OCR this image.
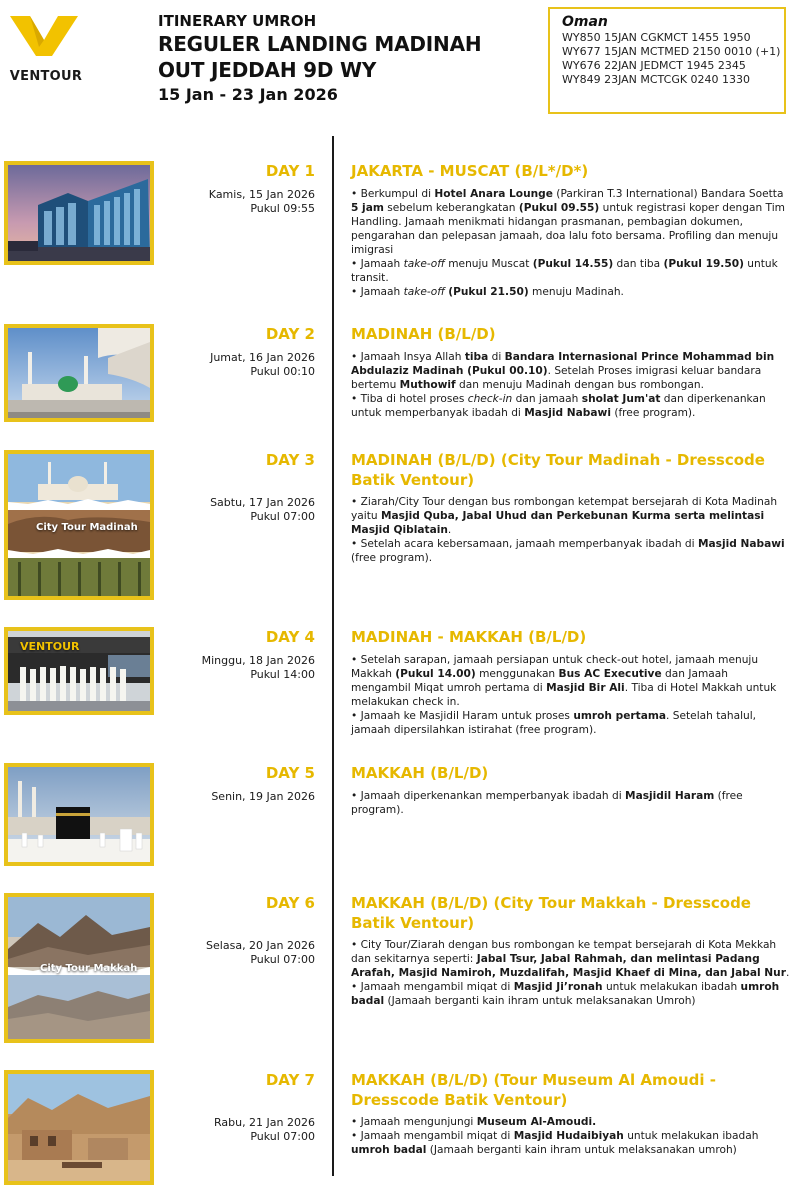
VENTOUR
ITINERARY UMROH
REGULER LANDING MADINAH
OUT JEDDAH 9D WY
15 Jan - 23 Jan 2026
Oman
WY850 15JAN CGKMCT 1455 1950
WY677 15JAN MCTMED 2150 0010 (+1)
WY676 22JAN JEDMCT 1945 2345
WY849 23JAN MCTCGK 0240 1330
DAY 1
Kamis, 15 Jan 2026
Pukul 09:55
JAKARTA - MUSCAT (B/L*/D*)

• Berkumpul di Hotel Anara Lounge (Parkiran T.3 International) Bandara Soetta 5 jam sebelum keberangkatan (Pukul 09.55) untuk registrasi koper dengan Tim Handling. Jamaah menikmati hidangan prasmanan, pembagian dokumen, pengarahan dan pelepasan jamaah, doa lalu foto bersama. Profiling dan menuju imigrasi

• Jamaah take-off menuju Muscat (Pukul 14.55) dan tiba (Pukul 19.50) untuk transit.

• Jamaah take-off (Pukul 21.50) menuju Madinah.

DAY 2
Jumat, 16 Jan 2026
Pukul 00:10
MADINAH (B/L/D)

• Jamaah Insya Allah tiba di Bandara Internasional Prince Mohammad bin Abdulaziz Madinah (Pukul 00.10). Setelah Proses imigrasi keluar bandara bertemu Muthowif dan menuju Madinah dengan bus rombongan.

• Tiba di hotel proses check-in dan jamaah sholat Jum'at dan diperkenankan untuk memperbanyak ibadah di Masjid Nabawi (free program).

City Tour Madinah
DAY 3
Sabtu, 17 Jan 2026
Pukul 07:00
MADINAH (B/L/D) (City Tour Madinah - Dresscode Batik Ventour)

• Ziarah/City Tour dengan bus rombongan ketempat bersejarah di Kota Madinah yaitu Masjid Quba, Jabal Uhud dan Perkebunan Kurma serta melintasi Masjid Qiblatain.

• Setelah acara kebersamaan, jamaah memperbanyak ibadah di Masjid Nabawi (free program).

VENTOUR
DAY 4
Minggu, 18 Jan 2026
Pukul 14:00
MADINAH - MAKKAH (B/L/D)

• Setelah sarapan, jamaah persiapan untuk check-out hotel, jamaah menuju Makkah (Pukul 14.00) menggunakan Bus AC Executive dan Jamaah mengambil Miqat umroh pertama di Masjid Bir Ali. Tiba di Hotel Makkah untuk melakukan check in.

• Jamaah ke Masjidil Haram untuk proses umroh pertama. Setelah tahalul, jamaah dipersilahkan istirahat (free program).

DAY 5
Senin, 19 Jan 2026
MAKKAH (B/L/D)

• Jamaah diperkenankan memperbanyak ibadah di Masjidil Haram (free program).

City Tour Makkah
DAY 6
Selasa, 20 Jan 2026
Pukul 07:00
MAKKAH (B/L/D) (City Tour Makkah - Dresscode Batik Ventour)

• City Tour/Ziarah dengan bus rombongan ke tempat bersejarah di Kota Mekkah dan sekitarnya seperti: Jabal Tsur, Jabal Rahmah, dan melintasi Padang Arafah, Masjid Namiroh, Muzdalifah, Masjid Khaef di Mina, dan Jabal Nur.

• Jamaah mengambil miqat di Masjid Ji’ronah untuk melakukan ibadah umroh badal (Jamaah berganti kain ihram untuk melaksanakan Umroh)

DAY 7
Rabu, 21 Jan 2026
Pukul 07:00
MAKKAH (B/L/D) (Tour Museum Al Amoudi - Dresscode Batik Ventour)

• Jamaah mengunjungi Museum Al-Amoudi.

• Jamaah mengambil miqat di Masjid Hudaibiyah untuk melakukan ibadah umroh badal (Jamaah berganti kain ihram untuk melaksanakan umroh)
